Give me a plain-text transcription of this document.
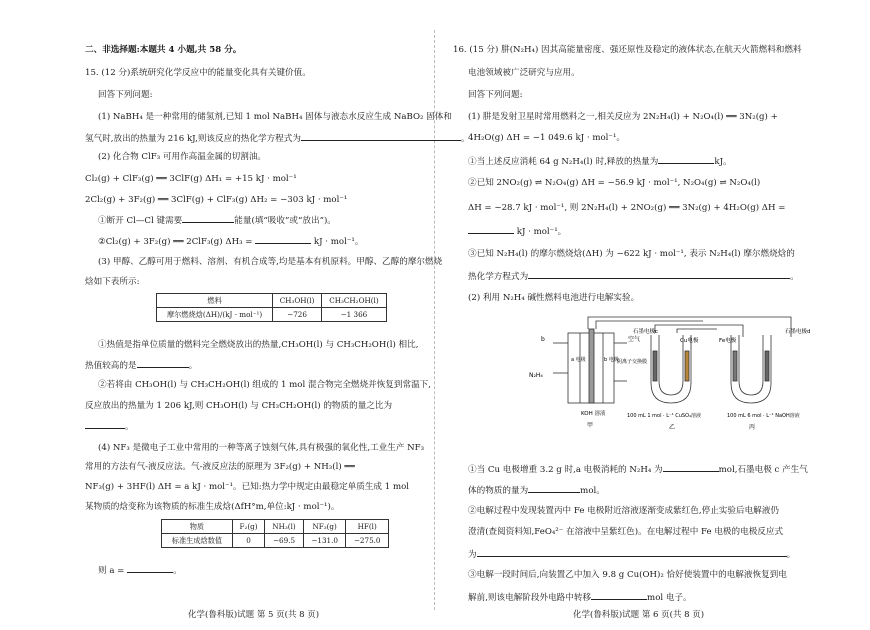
二、非选择题:本题共 4 小题,共 58 分。
15. (12 分)系统研究化学反应中的能量变化具有关键价值。
回答下列问题:
(1) NaBH₄ 是一种常用的储氢剂,已知 1 mol NaBH₄ 固体与液态水反应生成 NaBO₂ 固体和
氢气时,放出的热量为 216 kJ,则该反应的热化学方程式为	。
(2) 化合物 ClF₃ 可用作高温金属的切割油。
Cl₂(g) + ClF₃(g) ══ 3ClF(g) ΔH₁ = +15 kJ · mol⁻¹
2Cl₂(g) + 3F₂(g) ══ 3ClF(g) + ClF₃(g) ΔH₂ = −303 kJ · mol⁻¹
①断开 Cl—Cl 键需要	能量(填“吸收”或“放出”)。
②Cl₂(g) + 3F₂(g) ══ 2ClF₃(g) ΔH₃ =	kJ · mol⁻¹。
(3) 甲醇、乙醇可用于燃料、溶剂、有机合成等,均是基本有机原料。甲醇、乙醇的摩尔燃烧
焓如下表所示:
燃料	CH₃OH(l)	CH₃CH₂OH(l)
摩尔燃烧焓(ΔH)/(kJ · mol⁻¹)	−726	−1 366
①热值是指单位质量的燃料完全燃烧放出的热量,CH₃OH(l) 与 CH₃CH₂OH(l) 相比,
热值较高的是	。
②若将由 CH₃OH(l) 与 CH₃CH₂OH(l) 组成的 1 mol 混合物完全燃烧并恢复到常温下,
反应放出的热量为 1 206 kJ,则 CH₃OH(l) 与 CH₃CH₂OH(l) 的物质的量之比为
。
(4) NF₃ 是微电子工业中常用的一种等离子蚀刻气体,具有极强的氧化性,工业生产 NF₃
常用的方法有气-液反应法。气-液反应法的原理为 3F₂(g) + NH₃(l) ══
NF₃(g) + 3HF(l) ΔH = a kJ · mol⁻¹。已知:热力学中规定由最稳定单质生成 1 mol
某物质的焓变称为该物质的标准生成焓(ΔfH°m,单位:kJ · mol⁻¹)。
物质	F₂(g)	NH₃(l)	NF₃(g)	HF(l)
标准生成焓数值	0	−69.5	−131.0	−275.0
则 a =	。
化学(鲁科版)试题 第 5 页(共 8 页)
16. (15 分) 肼(N₂H₄) 因其高能量密度、强还原性及稳定的液体状态,在航天火箭燃料和燃料
电池领域被广泛研究与应用。
回答下列问题:
(1) 肼是发射卫星时常用燃料之一,相关反应为 2N₂H₄(l) + N₂O₄(l) ══ 3N₂(g) +
4H₂O(g) ΔH = −1 049.6 kJ · mol⁻¹。
①当上述反应消耗 64 g N₂H₄(l) 时,释放的热量为	kJ。
②已知 2NO₂(g) ⇌ N₂O₄(g) ΔH = −56.9 kJ · mol⁻¹, N₂O₄(g) ⇌ N₂O₄(l)
ΔH = −28.7 kJ · mol⁻¹, 则 2N₂H₄(l) + 2NO₂(g) ══ 3N₂(g) + 4H₂O(g) ΔH =
kJ · mol⁻¹。
③已知 N₂H₄(l) 的摩尔燃烧焓(ΔH) 为 −622 kJ · mol⁻¹, 表示 N₂H₄(l) 摩尔燃烧焓的
热化学方程式为	。
(2) 利用 N₂H₄ 碱性燃料电池进行电解实验。
b
N₂H₄
a 电极	b 电极
空气
阴离子交换膜
KOH 溶液
甲
石墨电极c
Cu电极	Fe电极
石墨电极d
100 mL 1 mol · L⁻¹ CuSO₄溶液
乙
100 mL 6 mol · L⁻¹ NaOH溶液
丙
①当 Cu 电极增重 3.2 g 时,a 电极消耗的 N₂H₄ 为	mol,石墨电极 c 产生气
体的物质的量为	mol。
②电解过程中发现装置丙中 Fe 电极附近溶液逐渐变成紫红色,停止实验后电解液仍
澄清(查阅资料知,FeO₄²⁻ 在溶液中呈紫红色)。在电解过程中 Fe 电极的电极反应式
为	。
③电解一段时间后,向装置乙中加入 9.8 g Cu(OH)₂ 恰好使装置中的电解液恢复到电
解前,则该电解阶段外电路中转移	mol 电子。
化学(鲁科版)试题 第 6 页(共 8 页)
